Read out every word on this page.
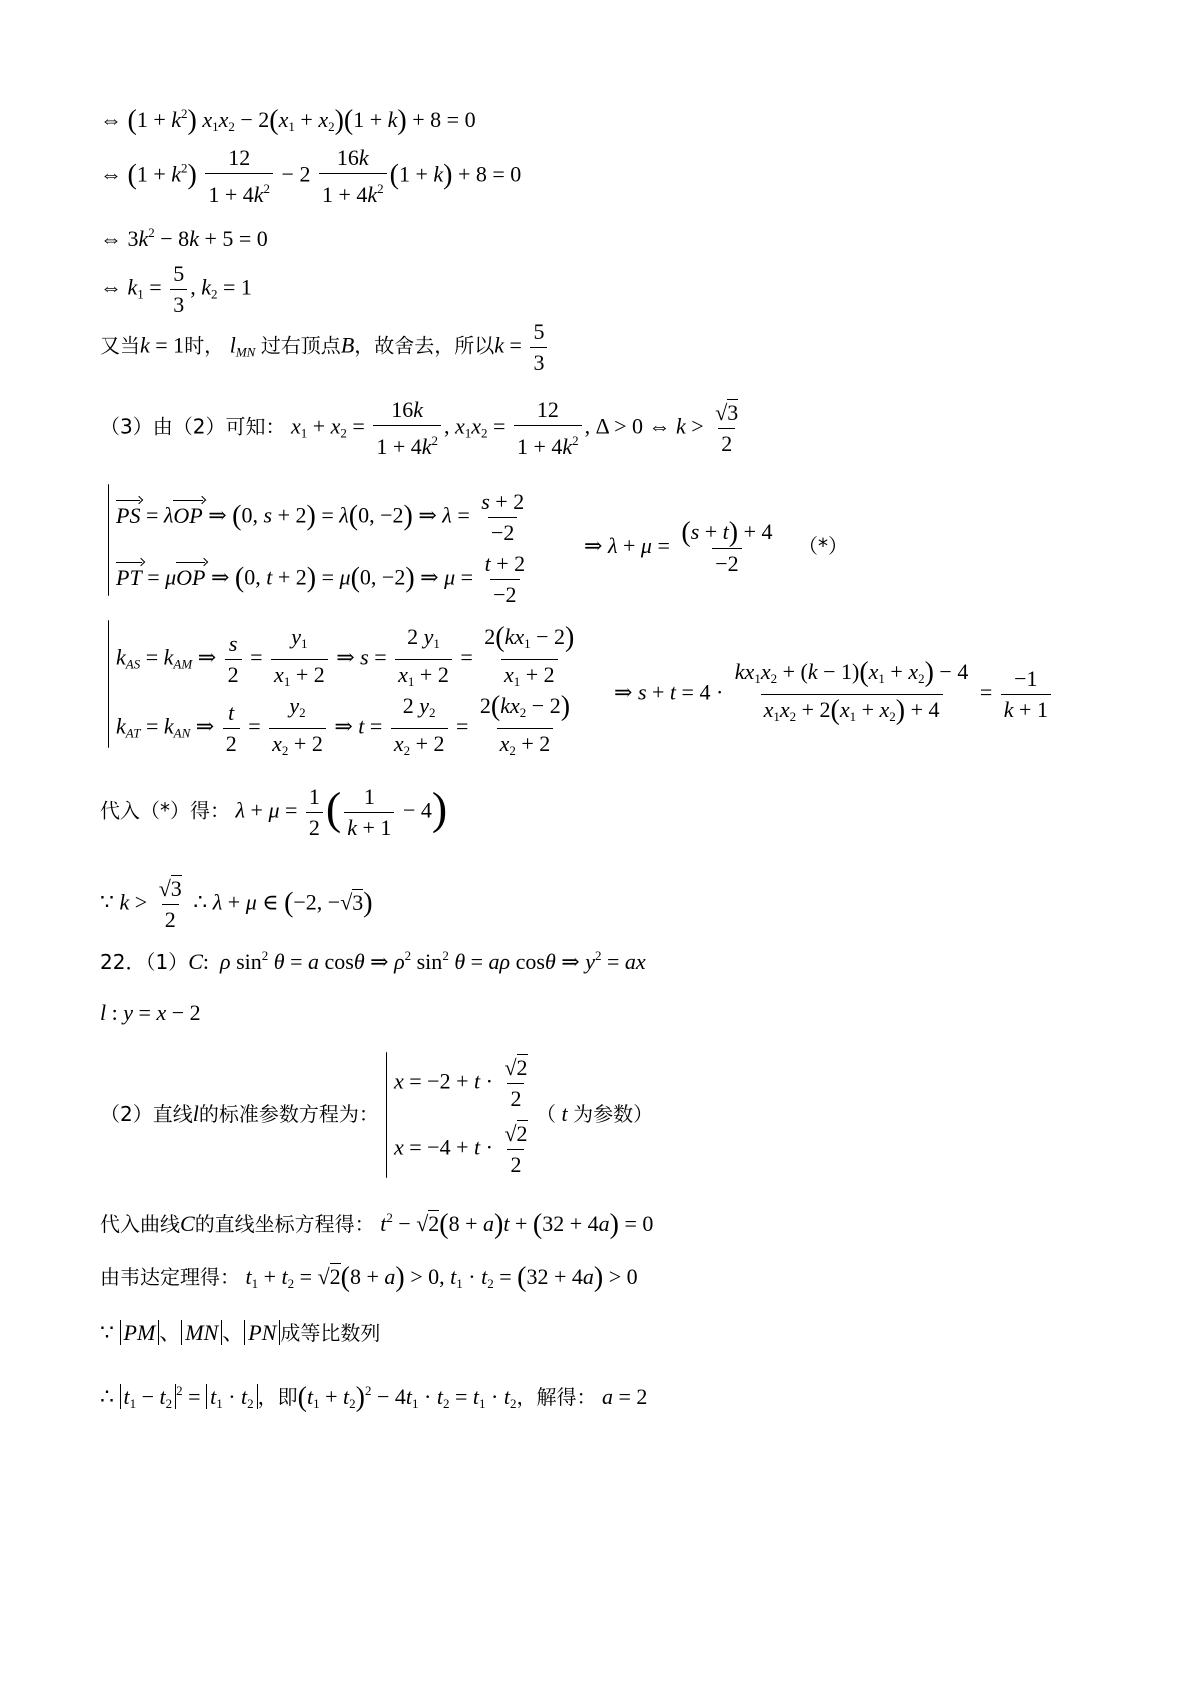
⇔ $(1 + k^2)$ $x_1x_2 - 2(x_1 + x_2)(1 + k) + 8 = 0$
⇔ $(1 + k^2) \frac{12}{1 + 4k^2} - 2 \frac{16k}{1 + 4k^2} (1 + k) + 8 = 0$
⇔ $3k^2 - 8k + 5 = 0$
⇔ $k_1 = \frac{5}{3}$ , $k_2 = 1$
又当k = 1时， $l_{MN}$ 过右顶点B，故舍去，所以$k = \frac{5}{3}$
（3）由（2）可知： $x_1 + x_2 = \frac{16k}{1 + 4k^2}$ , $x_1x_2 = \frac{12}{1 + 4k^2}$ , Δ > 0 ⇔ $k > \frac{√3}{2}$
PS = λOP ⇒ (0, s + 2) = λ(0, −2) ⇒ $\lambda = \frac{s + 2}{-2}$
PT = μOP ⇒ (0, t + 2) = μ(0, −2) ⇒ $\mu = \frac{t + 2}{-2}$
⇒ $\lambda + \mu = \frac{(s + t) + 4}{-2}$ （*）
$k_{AS} = k_{AM}$ ⇒ $\frac{s}{2} = \frac{y_1}{x_1 + 2}$ ⇒ $s = \frac{2 y_1}{x_1 + 2} = \frac{2(kx_1 - 2)}{x_1 + 2}$
$k_{AT} = k_{AN}$ ⇒ $\frac{t}{2} = \frac{y_2}{x_2 + 2}$ ⇒ $t = \frac{2 y_2}{x_2 + 2} = \frac{2(kx_2 - 2)}{x_2 + 2}$
⇒ $s + t = 4 \cdot \frac{kx_1x_2 + (k - 1)(x_1 + x_2) - 4}{x_1x_2 + 2(x_1 + x_2) + 4} = \frac{-1}{k + 1}$
代入（*）得： $\lambda + \mu = \frac{1}{2}$ ( $\frac{1}{k + 1} - 4$)
∵ $k > \frac{√3}{2}$ ∴ λ + μ ∈ (−2, −√3)
22．（1）C:  ρ $\sin^2 \theta = a$ cosθ ⇒ $\rho^2$ $\sin^2 \theta = a\rho$ cosθ ⇒ $y^2$ = ax
l : y = x − 2
（2）直线l的标准参数方程为：
$x = -2 + t \cdot \frac{√2}{2}$
$x = -4 + t \cdot \frac{√2}{2}$
（ t 为参数）
代入曲线C的直线坐标方程得： $t^2 - √2(8 + a)t + (32 + 4a) = 0$
由韦达定理得： $t_1 + t_2 = √2(8 + a) > 0$, $t_1 \cdot t_2 = (32 + 4a) > 0$
∵ PM 、 MN 、 PN 成等比数列
∴ $t_1 - t_2^2 = t_1 \cdot t_2$ ，即$(t_1 + t_2)^2 - 4t_1 \cdot t_2 = t_1 \cdot t_2$，解得： a = 2
